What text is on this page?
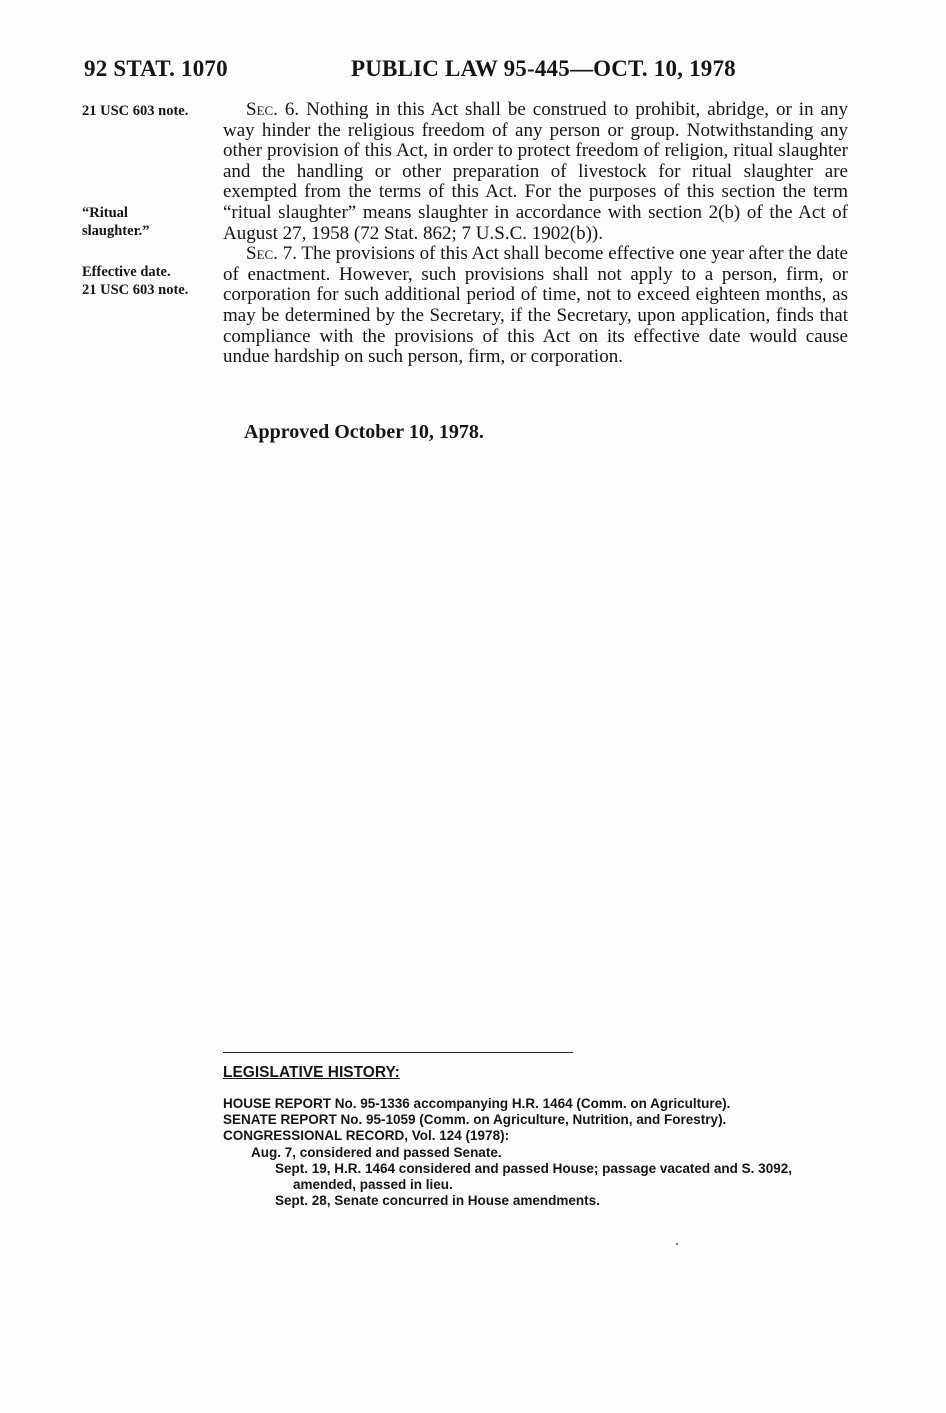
92 STAT. 1070	PUBLIC LAW 95-445—OCT. 10, 1978
21 USC 603 note.
“Ritual
slaughter.”
Effective date.
21 USC 603 note.

Sec. 6. Nothing in this Act shall be construed to prohibit, abridge, or in any way hinder the religious freedom of any person or group. Notwithstanding any other provision of this Act, in order to protect freedom of religion, ritual slaughter and the handling or other preparation of livestock for ritual slaughter are exempted from the terms of this Act. For the purposes of this section the term “ritual slaughter” means slaughter in accordance with section 2(b) of the Act of August 27, 1958 (72 Stat. 862; 7 U.S.C. 1902(b)).

Sec. 7. The provisions of this Act shall become effective one year after the date of enactment. However, such provisions shall not apply to a person, firm, or corporation for such additional period of time, not to exceed eighteen months, as may be determined by the Secretary, if the Secretary, upon application, finds that compliance with the provisions of this Act on its effective date would cause undue hardship on such person, firm, or corporation.

Approved October 10, 1978.
LEGISLATIVE HISTORY:
HOUSE REPORT No. 95-1336 accompanying H.R. 1464 (Comm. on Agriculture).
SENATE REPORT No. 95-1059 (Comm. on Agriculture, Nutrition, and Forestry).
CONGRESSIONAL RECORD, Vol. 124 (1978):
Aug. 7, considered and passed Senate.
Sept. 19, H.R. 1464 considered and passed House; passage vacated and S. 3092,
amended, passed in lieu.
Sept. 28, Senate concurred in House amendments.
